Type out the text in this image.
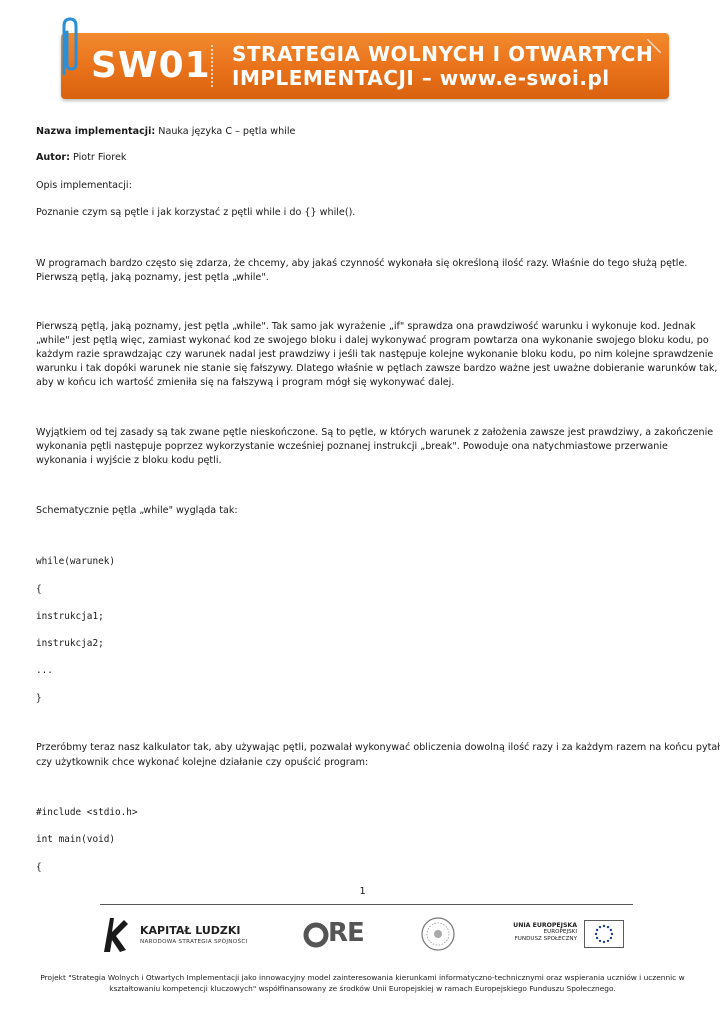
SW01 STRATEGIA WOLNYCH I OTWARTYCH
IMPLEMENTACJI – www.e-swoi.pl
Nazwa implementacji: Nauka języka C – pętla while
Autor: Piotr Fiorek
Opis implementacji:
Poznanie czym są pętle i jak korzystać z pętli while i do {} while().
W programach bardzo często się zdarza, że chcemy, aby jakaś czynność wykonała się określoną ilość razy. Właśnie do tego służą pętle.
Pierwszą pętlą, jaką poznamy, jest pętla „while".
Pierwszą pętlą, jaką poznamy, jest pętla „while". Tak samo jak wyrażenie „if" sprawdza ona prawdziwość warunku i wykonuje kod. Jednak
„while" jest pętlą więc, zamiast wykonać kod ze swojego bloku i dalej wykonywać program powtarza ona wykonanie swojego bloku kodu, po
każdym razie sprawdzając czy warunek nadal jest prawdziwy i jeśli tak następuje kolejne wykonanie bloku kodu, po nim kolejne sprawdzenie
warunku i tak dopóki warunek nie stanie się fałszywy. Dlatego właśnie w pętlach zawsze bardzo ważne jest uważne dobieranie warunków tak,
aby w końcu ich wartość zmieniła się na fałszywą i program mógł się wykonywać dalej.
Wyjątkiem od tej zasady są tak zwane pętle nieskończone. Są to pętle, w których warunek z założenia zawsze jest prawdziwy, a zakończenie
wykonania pętli następuje poprzez wykorzystanie wcześniej poznanej instrukcji „break". Powoduje ona natychmiastowe przerwanie
wykonania i wyjście z bloku kodu pętli.
Schematycznie pętla „while" wygląda tak:
while(warunek)
{
instrukcja1;
instrukcja2;
...
}
Przeróbmy teraz nasz kalkulator tak, aby używając pętli, pozwalał wykonywać obliczenia dowolną ilość razy i za każdym razem na końcu pytał
czy użytkownik chce wykonać kolejne działanie czy opuścić program:
#include <stdio.h>
int main(void)
{
1
KAPITAŁ LUDZKI
NARODOWA STRATEGIA SPÓJNOŚCI	RE	UNIA EUROPEJSKA
EUROPEJSKI
FUNDUSZ SPOŁECZNY
Projekt "Strategia Wolnych i Otwartych Implementacji jako innowacyjny model zainteresowania kierunkami informatyczno-technicznymi oraz wspierania uczniów i uczennic w
kształtowaniu kompetencji kluczowych" współfinansowany ze środków Unii Europejskiej w ramach Europejskiego Funduszu Społecznego.
